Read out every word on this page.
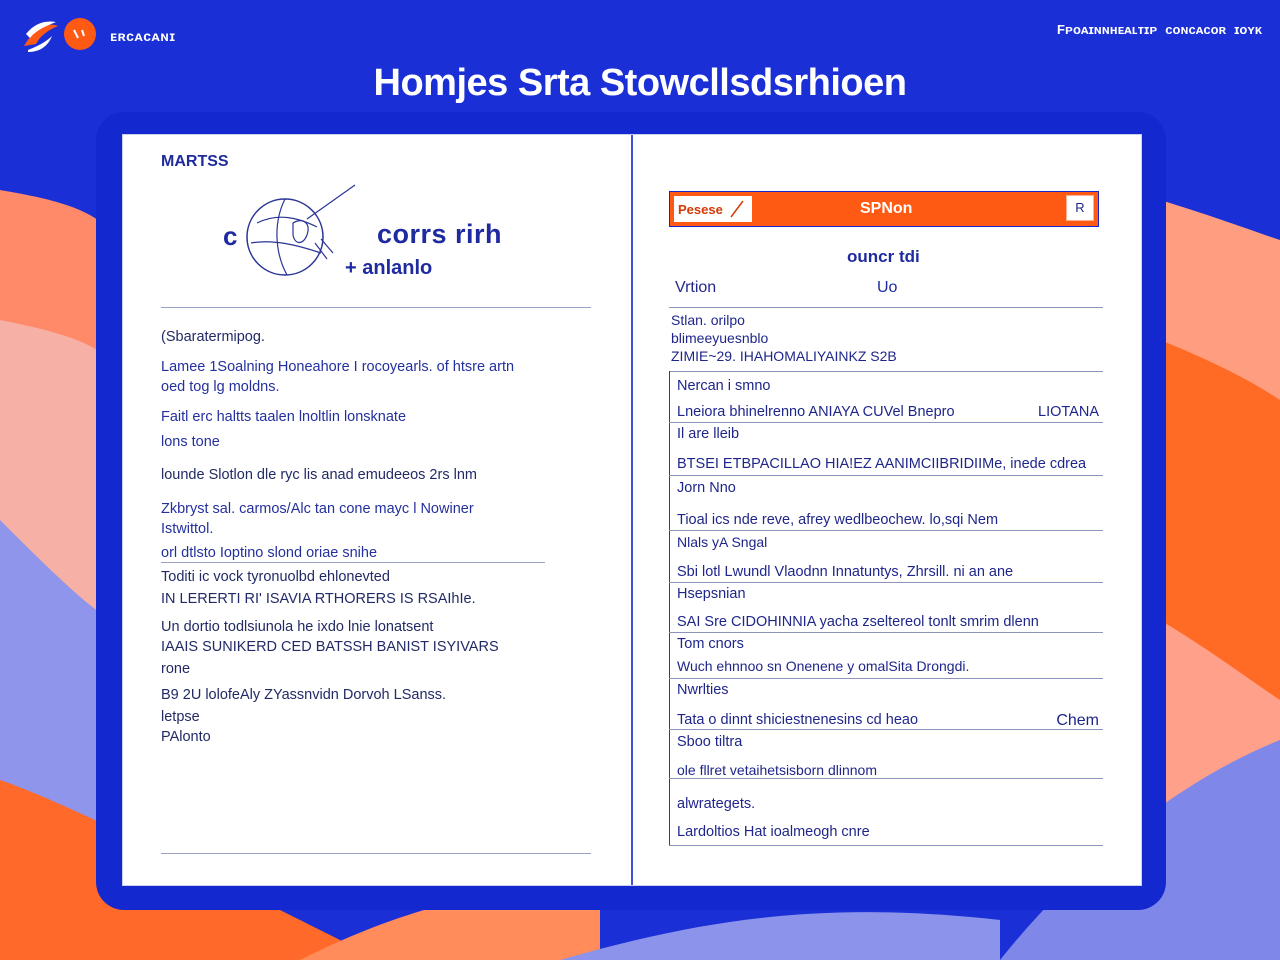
ᴇʀᴄᴀᴄᴀɴɪ	Fᴘᴏᴀɪɴɴʜᴇᴀʟᴛɪᴘ ᴄᴏɴᴄᴀᴄᴏʀ ɪᴏʏᴋ
Homjes Srta Stowcllsdsrhioen
MARTSS
c	corrs rirh
+ anlanlo
(Sbaratermipog.
Lamee 1Soalning Honeahore I rocoyearls. of htsre artn
oed tog lg moldns.
Faitl erc haltts taalen lnoltlin lonsknate
lons tone
lounde Slotlon dle ryc lis anad emudeeos 2rs lnm
Zkbryst sal. carmos/Alc tan cone mayc l Nowiner
Istwittol.
orl dtlsto Ioptino slond oriae snihe
Toditi ic vock tyronuolbd ehlonevted
IN LERERTI RI' ISAVIA RTHORERS IS RSAIhIe.
Un dortio todlsiunola he ixdo lnie lonatsent
IAAIS SUNIKERD CED BATSSH BANIST ISYIVARS
rone
B9 2U lolofeAly ZYassnvidn Dorvoh LSanss.
letpse
PAlonto
Pesese	SPNon	R
ouncr tdi
Vrtion	Uo
Stlan. orilpo
blimeeyuesnblo
ZIMIE~29. IHAHOMALIYAINKZ S2B
Nercan i smno
Lneiora bhinelrenno ANIAYA CUVel Bnepro	LIOTANA
Il are lleib
BTSEI ETBPACILLAO HIA!EZ AANIMCIIBRIDIIMe, inede cdrea
Jorn Nno
Tioal ics nde reve, afrey wedlbeochew. lo,sqi Nem
Nlals yA Sngal
Sbi lotl Lwundl Vlaodnn Innatuntys, Zhrsill. ni an ane
Hsepsnian
SAI Sre CIDOHINNIA yacha zseltereol tonlt smrim dlenn
Tom cnors
Wuch ehnnoo sn Onenene y omalSita Drongdi.
Nwrlties
Tata o dinnt shiciestnenesins cd heao	Chem
Sboo tiltra
ole fllret vetaihetsisborn dlinnom
alwrategets.
Lardoltios Hat ioalmeogh cnre
